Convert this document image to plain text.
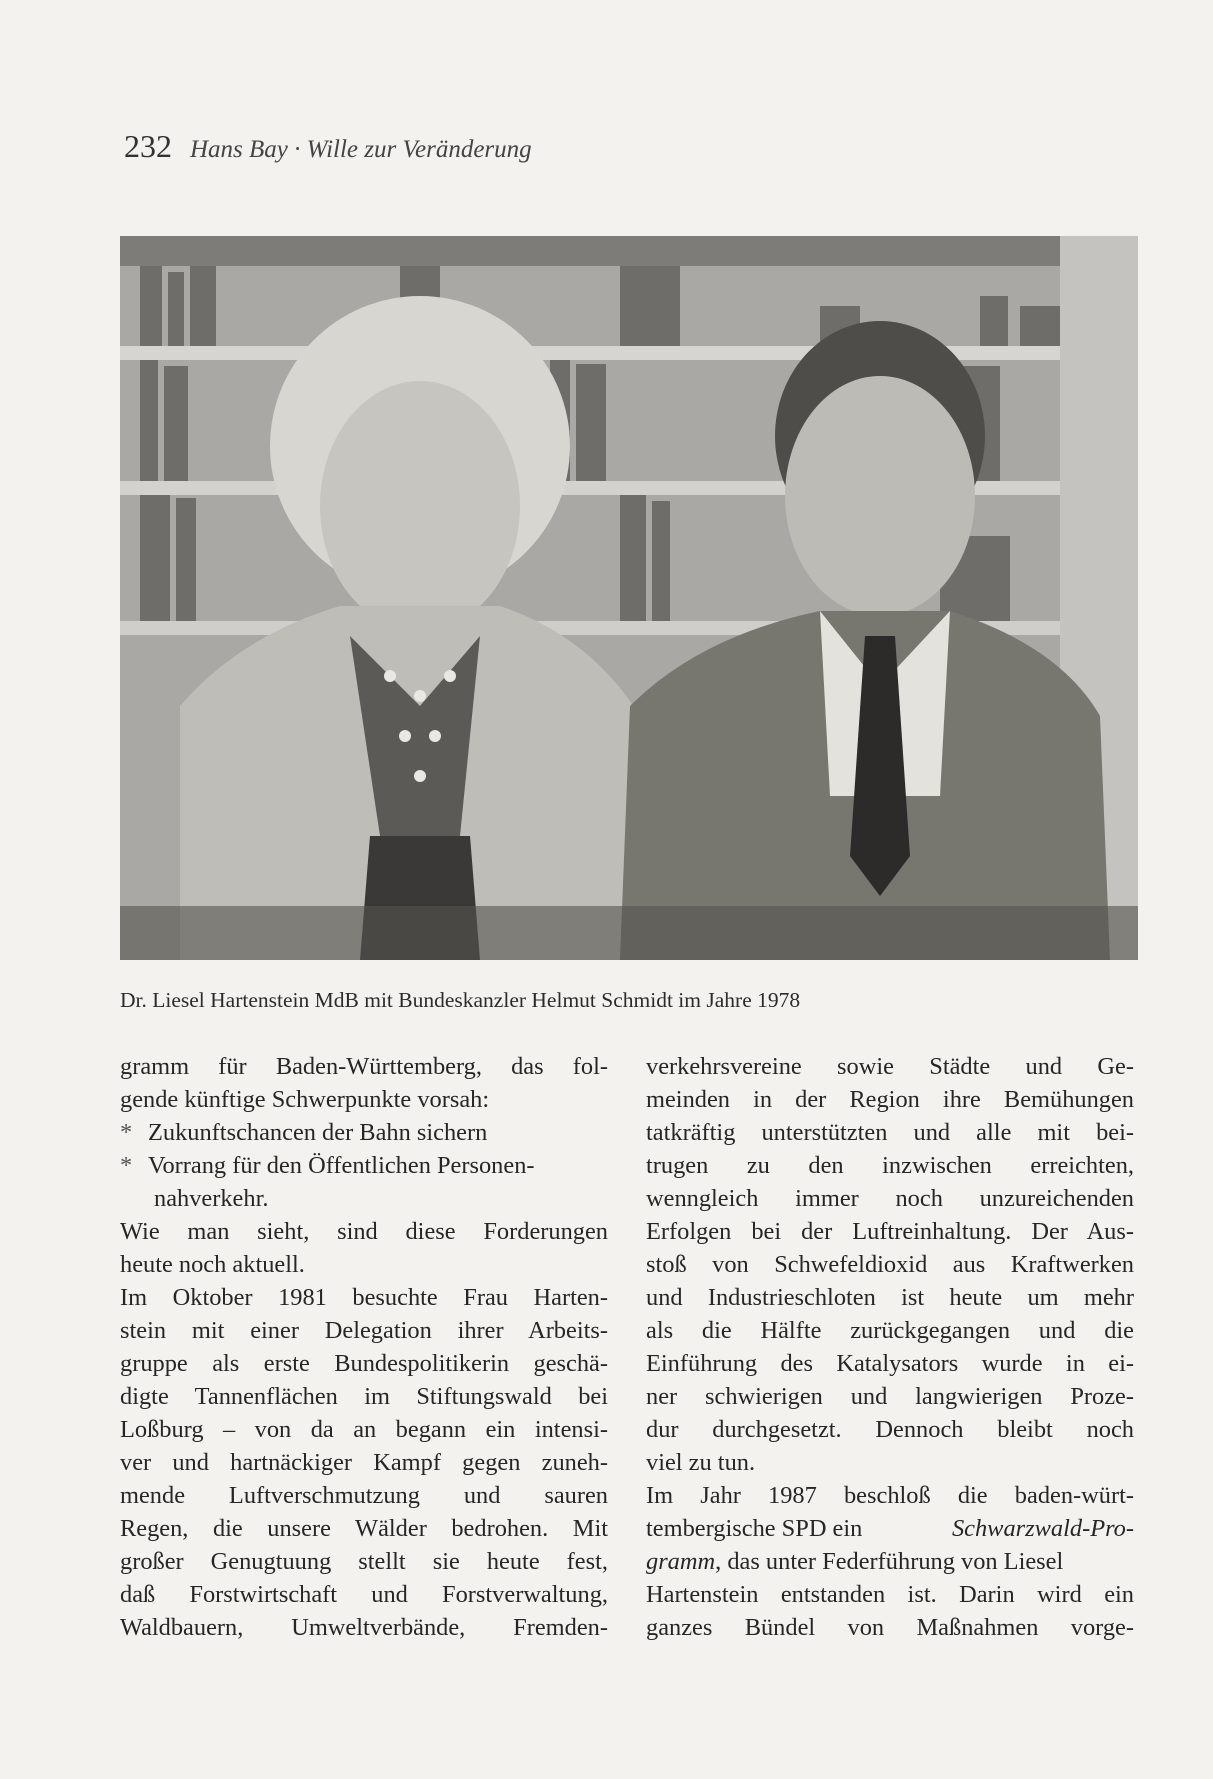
232 Hans Bay · Wille zur Veränderung
Dr. Liesel Hartenstein MdB mit Bundeskanzler Helmut Schmidt im Jahre 1978
gramm für Baden-Württemberg, das fol-
gende künftige Schwerpunkte vorsah:
* Zukunftschancen der Bahn sichern
* Vorrang für den Öffentlichen Personen-
nahverkehr.
Wie man sieht, sind diese Forderungen
heute noch aktuell.
Im Oktober 1981 besuchte Frau Harten-
stein mit einer Delegation ihrer Arbeits-
gruppe als erste Bundespolitikerin geschä-
digte Tannenflächen im Stiftungswald bei
Loßburg – von da an begann ein intensi-
ver und hartnäckiger Kampf gegen zuneh-
mende Luftverschmutzung und sauren
Regen, die unsere Wälder bedrohen. Mit
großer Genugtuung stellt sie heute fest,
daß Forstwirtschaft und Forstverwaltung,
Waldbauern, Umweltverbände, Fremden-
verkehrsvereine sowie Städte und Ge-
meinden in der Region ihre Bemühungen
tatkräftig unterstützten und alle mit bei-
trugen zu den inzwischen erreichten,
wenngleich immer noch unzureichenden
Erfolgen bei der Luftreinhaltung. Der Aus-
stoß von Schwefeldioxid aus Kraftwerken
und Industrieschloten ist heute um mehr
als die Hälfte zurückgegangen und die
Einführung des Katalysators wurde in ei-
ner schwierigen und langwierigen Proze-
dur durchgesetzt. Dennoch bleibt noch
viel zu tun.
Im Jahr 1987 beschloß die baden-würt-
tembergische SPD ein	Schwarzwald-Pro-
gramm, das unter Federführung von Liesel
Hartenstein entstanden ist. Darin wird ein
ganzes Bündel von Maßnahmen vorge-
